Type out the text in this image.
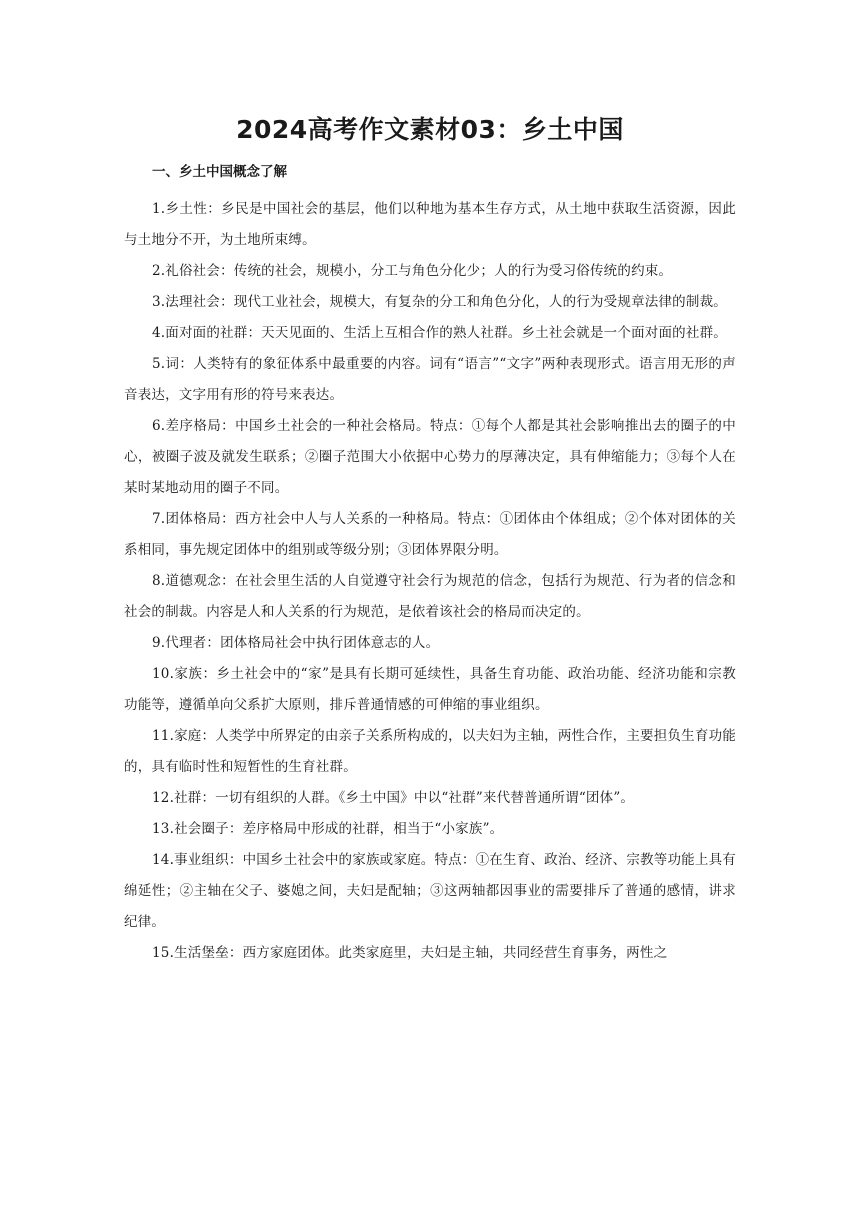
2024高考作文素材03：乡土中国
一、乡土中国概念了解

1.乡土性：乡民是中国社会的基层，他们以种地为基本生存方式，从土地中获取生活资源，因此与土地分不开，为土地所束缚。

2.礼俗社会：传统的社会，规模小，分工与角色分化少；人的行为受习俗传统的约束。

3.法理社会：现代工业社会，规模大，有复杂的分工和角色分化，人的行为受规章法律的制裁。

4.面对面的社群：天天见面的、生活上互相合作的熟人社群。乡土社会就是一个面对面的社群。

5.词：人类特有的象征体系中最重要的内容。词有“语言”“文字”两种表现形式。语言用无形的声音表达，文字用有形的符号来表达。

6.差序格局：中国乡土社会的一种社会格局。特点：①每个人都是其社会影响推出去的圈子的中心，被圈子波及就发生联系；②圈子范围大小依据中心势力的厚薄决定，具有伸缩能力；③每个人在某时某地动用的圈子不同。

7.团体格局：西方社会中人与人关系的一种格局。特点：①团体由个体组成；②个体对团体的关系相同，事先规定团体中的组别或等级分别；③团体界限分明。

8.道德观念：在社会里生活的人自觉遵守社会行为规范的信念，包括行为规范、行为者的信念和社会的制裁。内容是人和人关系的行为规范，是依着该社会的格局而决定的。

9.代理者：团体格局社会中执行团体意志的人。

10.家族：乡土社会中的“家”是具有长期可延续性，具备生育功能、政治功能、经济功能和宗教功能等，遵循单向父系扩大原则，排斥普通情感的可伸缩的事业组织。

11.家庭：人类学中所界定的由亲子关系所构成的，以夫妇为主轴，两性合作，主要担负生育功能的，具有临时性和短暂性的生育社群。

12.社群：一切有组织的人群。《乡土中国》中以“社群”来代替普通所谓“团体”。

13.社会圈子：差序格局中形成的社群，相当于“小家族”。

14.事业组织：中国乡土社会中的家族或家庭。特点：①在生育、政治、经济、宗教等功能上具有绵延性；②主轴在父子、婆媳之间，夫妇是配轴；③这两轴都因事业的需要排斥了普通的感情，讲求纪律。

15.生活堡垒：西方家庭团体。此类家庭里，夫妇是主轴，共同经营生育事务，两性之
